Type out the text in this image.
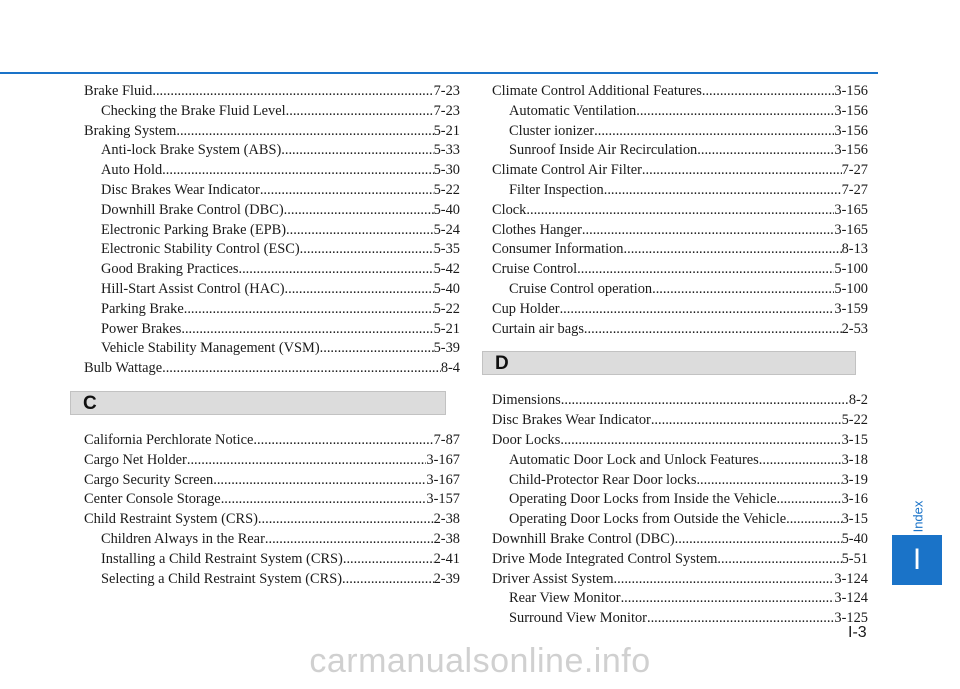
Brake Fluid .....	7-23
Checking the Brake Fluid Level .....	7-23
Braking System .....	5-21
Anti-lock Brake System (ABS) .....	5-33
Auto Hold .....	5-30
Disc Brakes Wear Indicator .....	5-22
Downhill Brake Control (DBC) .....	5-40
Electronic Parking Brake (EPB) .....	5-24
Electronic Stability Control (ESC) .....	5-35
Good Braking Practices .....	5-42
Hill-Start Assist Control (HAC) .....	5-40
Parking Brake .....	5-22
Power Brakes .....	5-21
Vehicle Stability Management (VSM) .....	5-39
Bulb Wattage .....	8-4
C
California Perchlorate Notice .....	7-87
Cargo Net Holder .....	3-167
Cargo Security Screen .....	3-167
Center Console Storage .....	3-157
Child Restraint System (CRS) .....	2-38
Children Always in the Rear .....	2-38
Installing a Child Restraint System (CRS) .....	2-41
Selecting a Child Restraint System (CRS) .....	2-39
Climate Control Additional Features .....	3-156
Automatic Ventilation .....	3-156
Cluster ionizer .....	3-156
Sunroof Inside Air Recirculation .....	3-156
Climate Control Air Filter .....	7-27
Filter Inspection .....	7-27
Clock .....	3-165
Clothes Hanger .....	3-165
Consumer Information .....	8-13
Cruise Control .....	5-100
Cruise Control operation .....	5-100
Cup Holder .....	3-159
Curtain air bags .....	2-53
D
Dimensions .....	8-2
Disc Brakes Wear Indicator .....	5-22
Door Locks .....	3-15
Automatic Door Lock and Unlock Features .....	3-18
Child-Protector Rear Door locks .....	3-19
Operating Door Locks from Inside the Vehicle .....	3-16
Operating Door Locks from Outside the Vehicle .....	3-15
Downhill Brake Control (DBC) .....	5-40
Drive Mode Integrated Control System .....	5-51
Driver Assist System .....	3-124
Rear View Monitor .....	3-124
Surround View Monitor .....	3-125
Index
I
I-3
carmanualsonline.info
